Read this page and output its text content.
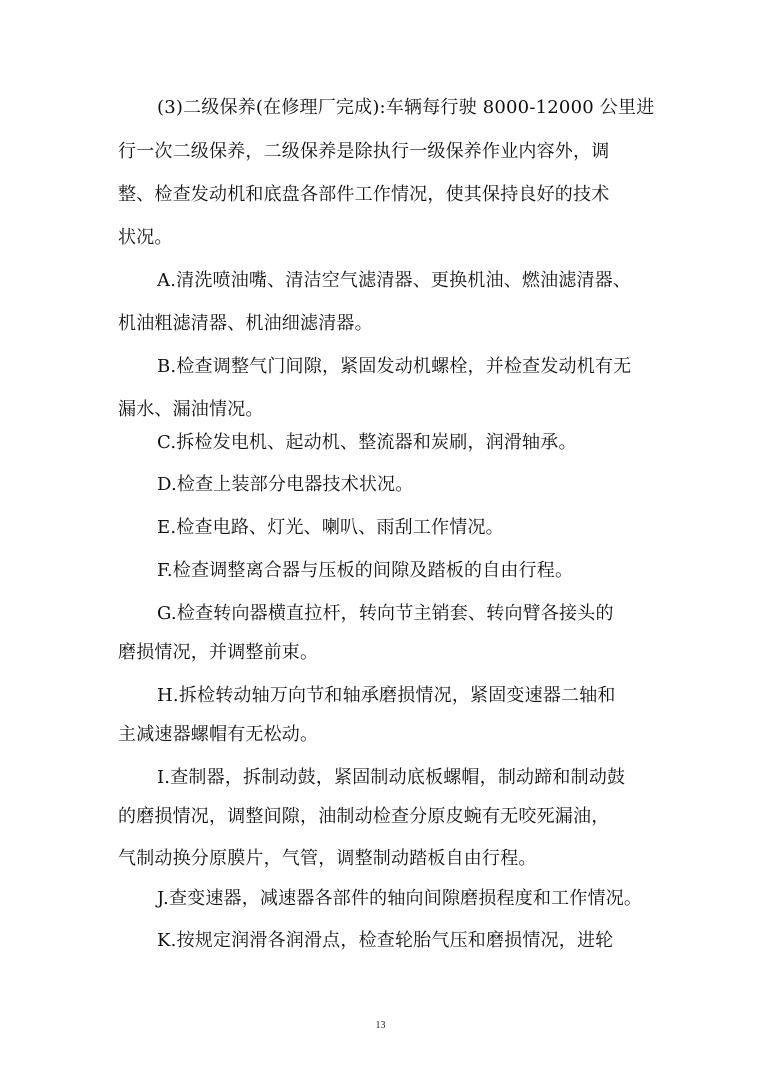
(3)二级保养(在修理厂完成):车辆每行驶 8000-12000 公里进
行一次二级保养，二级保养是除执行一级保养作业内容外，调
整、检查发动机和底盘各部件工作情况，使其保持良好的技术
状况。
A.清洗喷油嘴、清洁空气滤清器、更换机油、燃油滤清器、
机油粗滤清器、机油细滤清器。
B.检查调整气门间隙，紧固发动机螺栓，并检查发动机有无
漏水、漏油情况。
C.拆检发电机、起动机、整流器和炭刷，润滑轴承。
D.检查上装部分电器技术状况。
E.检查电路、灯光、喇叭、雨刮工作情况。
F.检查调整离合器与压板的间隙及踏板的自由行程。
G.检查转向器横直拉杆，转向节主销套、转向臂各接头的
磨损情况，并调整前束。
H.拆检转动轴万向节和轴承磨损情况，紧固变速器二轴和
主减速器螺帽有无松动。
I.查制器，拆制动鼓，紧固制动底板螺帽，制动蹄和制动鼓
的磨损情况，调整间隙，油制动检查分原皮蜿有无咬死漏油，
气制动换分原膜片，气管，调整制动踏板自由行程。
J.查变速器，减速器各部件的轴向间隙磨损程度和工作情况。
K.按规定润滑各润滑点，检查轮胎气压和磨损情况，进轮
13
